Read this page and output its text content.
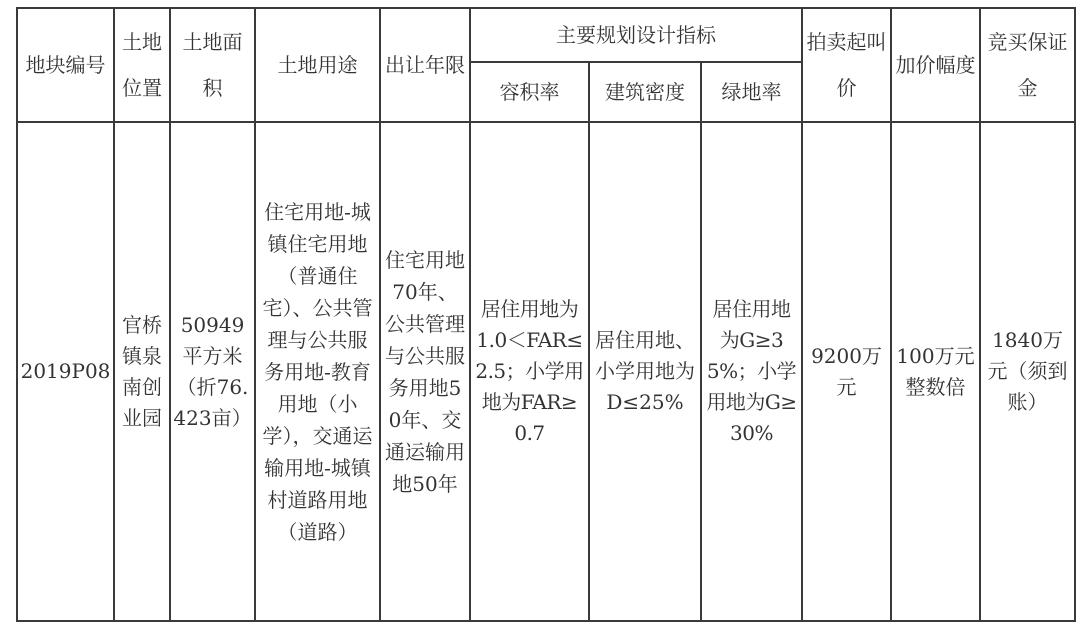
地块编号	土地位置	土地面积	土地用途	出让年限	主要规划设计指标			拍卖起叫价	加价幅度	竞买保证金
					容积率	建筑密度	绿地率			
2019P08	官桥镇泉南创业园	50949平方米（折76.423亩）	住宅用地-城镇住宅用地（普通住宅）、公共管理与公共服务用地-教育用地（小学），交通运输用地-城镇村道路用地（道路）	住宅用地70年、公共管理与公共服务用地50年、交通运输用地50年	居住用地为1.0＜FAR≤2.5；小学用地为FAR≥0.7	居住用地、小学用地为D≤25%	居住用地为G≥35%；小学用地为G≥30%	9200万元	100万元整数倍	1840万元（须到账）
